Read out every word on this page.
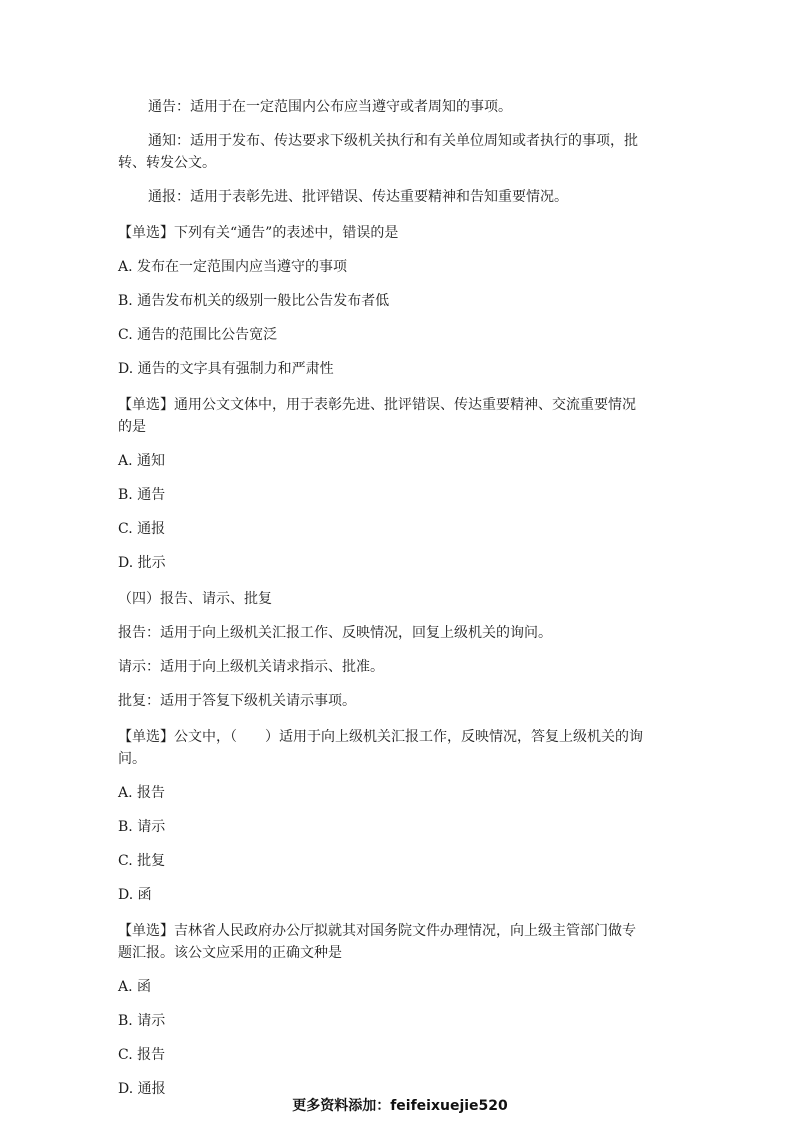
通告：适用于在一定范围内公布应当遵守或者周知的事项。

通知：适用于发布、传达要求下级机关执行和有关单位周知或者执行的事项，批转、转发公文。

通报：适用于表彰先进、批评错误、传达重要精神和告知重要情况。

【单选】下列有关“通告”的表述中，错误的是

A. 发布在一定范围内应当遵守的事项

B. 通告发布机关的级别一般比公告发布者低

C. 通告的范围比公告宽泛

D. 通告的文字具有强制力和严肃性

【单选】通用公文文体中，用于表彰先进、批评错误、传达重要精神、交流重要情况的是

A. 通知

B. 通告

C. 通报

D. 批示

（四）报告、请示、批复

报告：适用于向上级机关汇报工作、反映情况，回复上级机关的询问。

请示：适用于向上级机关请求指示、批准。

批复：适用于答复下级机关请示事项。

【单选】公文中，（　　）适用于向上级机关汇报工作，反映情况，答复上级机关的询问。

A. 报告

B. 请示

C. 批复

D. 函

【单选】吉林省人民政府办公厅拟就其对国务院文件办理情况，向上级主管部门做专题汇报。该公文应采用的正确文种是

A. 函

B. 请示

C. 报告

D. 通报

更多资料添加：feifeixuejie520
